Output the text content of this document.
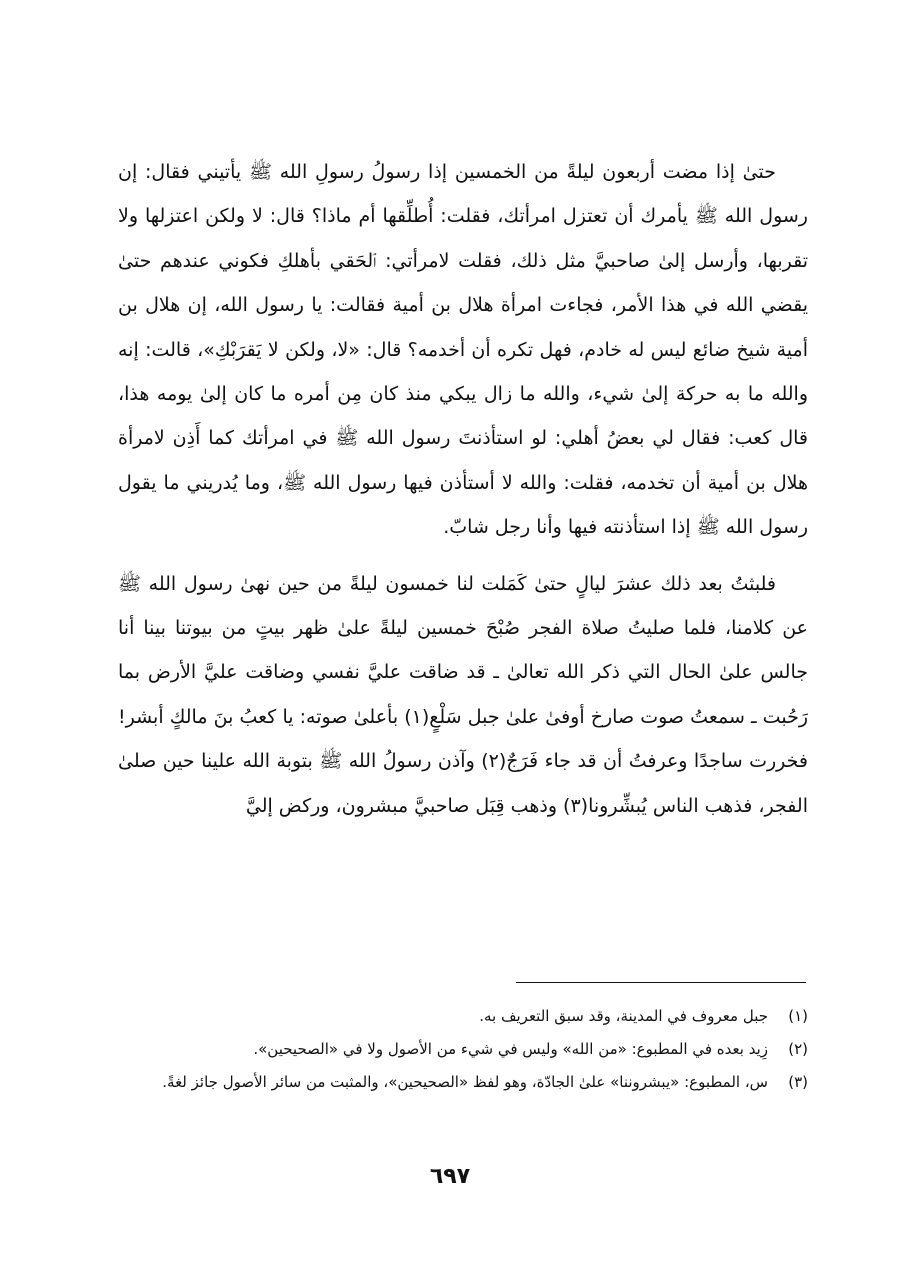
حتىٰ إذا مضت أربعون ليلةً من الخمسين إذا رسولُ رسولِ الله ﷺ يأتيني فقال: إن رسول الله ﷺ يأمرك أن تعتزل امرأتك، فقلت: أُطلِّقها أم ماذا؟ قال: لا ولكن اعتزلها ولا تقربها، وأرسل إلىٰ صاحبيَّ مثل ذلك، فقلت لامرأتي: ٱلحَقي بأهلكِ فكوني عندهم حتىٰ يقضي الله في هذا الأمر، فجاءت امرأة هلال بن أمية فقالت: يا رسول الله، إن هلال بن أمية شيخ ضائع ليس له خادم، فهل تكره أن أخدمه؟ قال: «لا، ولكن لا يَقرَبْكِ»، قالت: إنه والله ما به حركة إلىٰ شيء، والله ما زال يبكي منذ كان مِن أمره ما كان إلىٰ يومه هذا، قال كعب: فقال لي بعضُ أهلي: لو استأذنتَ رسول الله ﷺ في امرأتك كما أَذِن لامرأة هلال بن أمية أن تخدمه، فقلت: والله لا أستأذن فيها رسول الله ﷺ، وما يُدريني ما يقول رسول الله ﷺ إذا استأذنته فيها وأنا رجل شابّ.

فلبثتُ بعد ذلك عشرَ ليالٍ حتىٰ كَمَلت لنا خمسون ليلةً من حين نهىٰ رسول الله ﷺ عن كلامنا، فلما صليتُ صلاة الفجر صُبْحَ خمسين ليلةً علىٰ ظهر بيتٍ من بيوتنا بينا أنا جالس علىٰ الحال التي ذكر الله تعالىٰ ـ قد ضاقت عليَّ نفسي وضاقت عليَّ الأرض بما رَحُبت ـ سمعتُ صوت صارخ أوفىٰ علىٰ جبل سَلْعٍ(١) بأعلىٰ صوته: يا كعبُ بنَ مالكٍ أبشر! فخررت ساجدًا وعرفتُ أن قد جاء فَرَجٌ(٢) وآذن رسولُ الله ﷺ بتوبة الله علينا حين صلىٰ الفجر، فذهب الناس يُبشِّرونا(٣) وذهب قِبَل صاحبيَّ مبشرون، وركض إليَّ

(١)
جبل معروف في المدينة، وقد سبق التعريف به.
(٢)
زِيد بعده في المطبوع: «من الله» وليس في شيء من الأصول ولا في «الصحيحين».
(٣)
س، المطبوع: «يبشروننا» علىٰ الجادّة، وهو لفظ «الصحيحين»، والمثبت من سائر الأصول جائز لغةً.
٦٩٧
